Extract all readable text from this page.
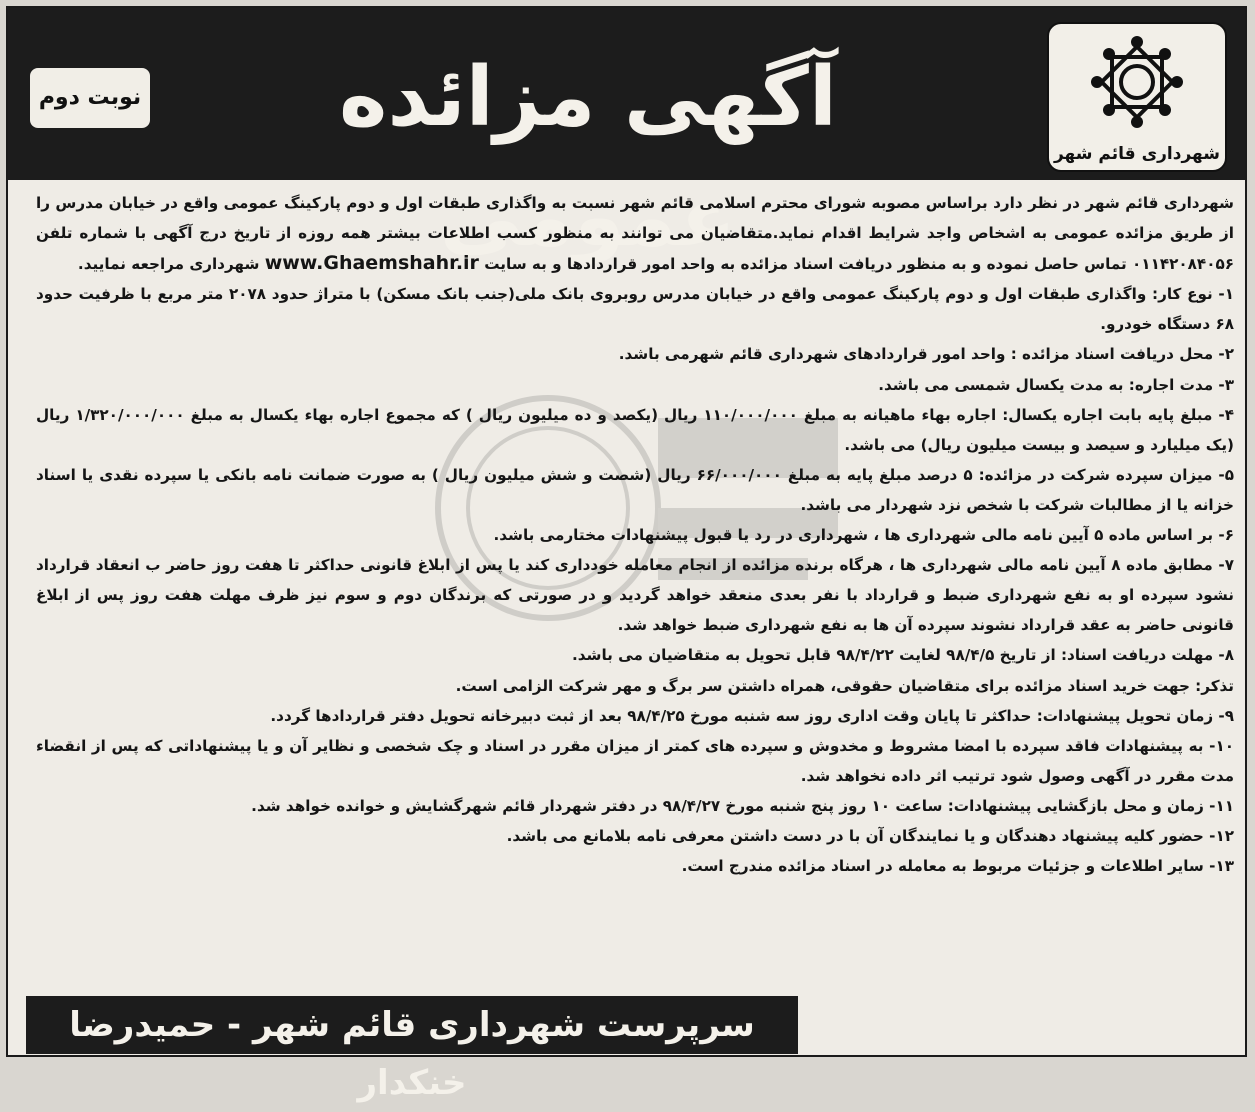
نوبت دوم	آگهی مزائده عمومی
شهرداری قائم شهر

شهرداری قائم شهر در نظر دارد براساس مصوبه شورای محترم اسلامی قائم شهر نسبت به واگذاری طبقات اول و دوم پارکینگ عمومی واقع در خیابان مدرس را از طریق مزائده عمومی به اشخاص واجد شرایط اقدام نماید.متقاضیان می توانند به منظور کسب اطلاعات بیشتر همه روزه از تاریخ درج آگهی با شماره تلفن ۰۱۱۴۲۰۸۴۰۵۶ تماس حاصل نموده و به منظور دریافت اسناد مزائده به واحد امور قراردادها و به سایت www.Ghaemshahr.ir شهرداری مراجعه نمایید.

۱- نوع کار: واگذاری طبقات اول و دوم پارکینگ عمومی واقع در خیابان مدرس روبروی بانک ملی(جنب بانک مسکن) با متراژ حدود ۲۰۷۸ متر مربع با ظرفیت حدود ۶۸ دستگاه خودرو.

۲- محل دریافت اسناد مزائده : واحد امور قراردادهای شهرداری قائم شهرمی باشد.

۳- مدت اجاره: به مدت یکسال شمسی می باشد.

۴- مبلغ پایه بابت اجاره یکسال: اجاره بهاء ماهیانه به مبلغ ۱۱۰/۰۰۰/۰۰۰ ریال (یکصد و ده میلیون ریال ) که مجموع اجاره بهاء یکسال به مبلغ ۱/۳۲۰/۰۰۰/۰۰۰ ریال (یک میلیارد و سیصد و بیست میلیون ریال) می باشد.

۵- میزان سپرده شرکت در مزائده: ۵ درصد مبلغ پایه به مبلغ ۶۶/۰۰۰/۰۰۰ ریال (شصت و شش میلیون ریال ) به صورت ضمانت نامه بانکی یا سپرده نقدی یا اسناد خزانه یا از مطالبات شرکت با شخص نزد شهردار می باشد.

۶- بر اساس ماده ۵ آیین نامه مالی شهرداری ها ، شهرداری در رد یا قبول پیشنهادات مختارمی باشد.

۷- مطابق ماده ۸ آیین نامه مالی شهرداری ها ، هرگاه برنده مزائده از انجام معامله خودداری کند یا پس از ابلاغ قانونی حداکثر تا هفت روز حاضر ب انعقاد قرارداد نشود سپرده او به نفع شهرداری ضبط و قرارداد با نفر بعدی منعقد خواهد گردید و در صورتی که برندگان دوم و سوم نیز ظرف مهلت هفت روز پس از ابلاغ قانونی حاضر به عقد قرارداد نشوند سپرده آن ها به نفع شهرداری ضبط خواهد شد.

۸- مهلت دریافت اسناد: از تاریخ ۹۸/۴/۵ لغایت ۹۸/۴/۲۲ قابل تحویل به متقاضیان می باشد.

تذکر: جهت خرید اسناد مزائده برای متقاضیان حقوقی، همراه داشتن سر برگ و مهر شرکت الزامی است.

۹- زمان تحویل پیشنهادات: حداکثر تا پایان وقت اداری روز سه شنبه مورخ ۹۸/۴/۲۵ بعد از ثبت دبیرخانه تحویل دفتر قراردادها گردد.

۱۰- به پیشنهادات فاقد سپرده با امضا مشروط و مخدوش و سپرده های کمتر از میزان مقرر در اسناد و چک شخصی و نظایر آن و یا پیشنهاداتی که پس از انقضاء مدت مقرر در آگهی وصول شود ترتیب اثر داده نخواهد شد.

۱۱- زمان و محل بازگشایی پیشنهادات: ساعت ۱۰ روز پنج شنبه مورخ ۹۸/۴/۲۷ در دفتر شهردار قائم شهرگشایش و خوانده خواهد شد.

۱۲- حضور کلیه پیشنهاد دهندگان و یا نمایندگان آن با در دست داشتن معرفی نامه بلامانع می باشد.

۱۳- سایر اطلاعات و جزئیات مربوط به معامله در اسناد مزائده مندرج است.

سرپرست شهرداری قائم شهر - حمیدرضا خنکدار
